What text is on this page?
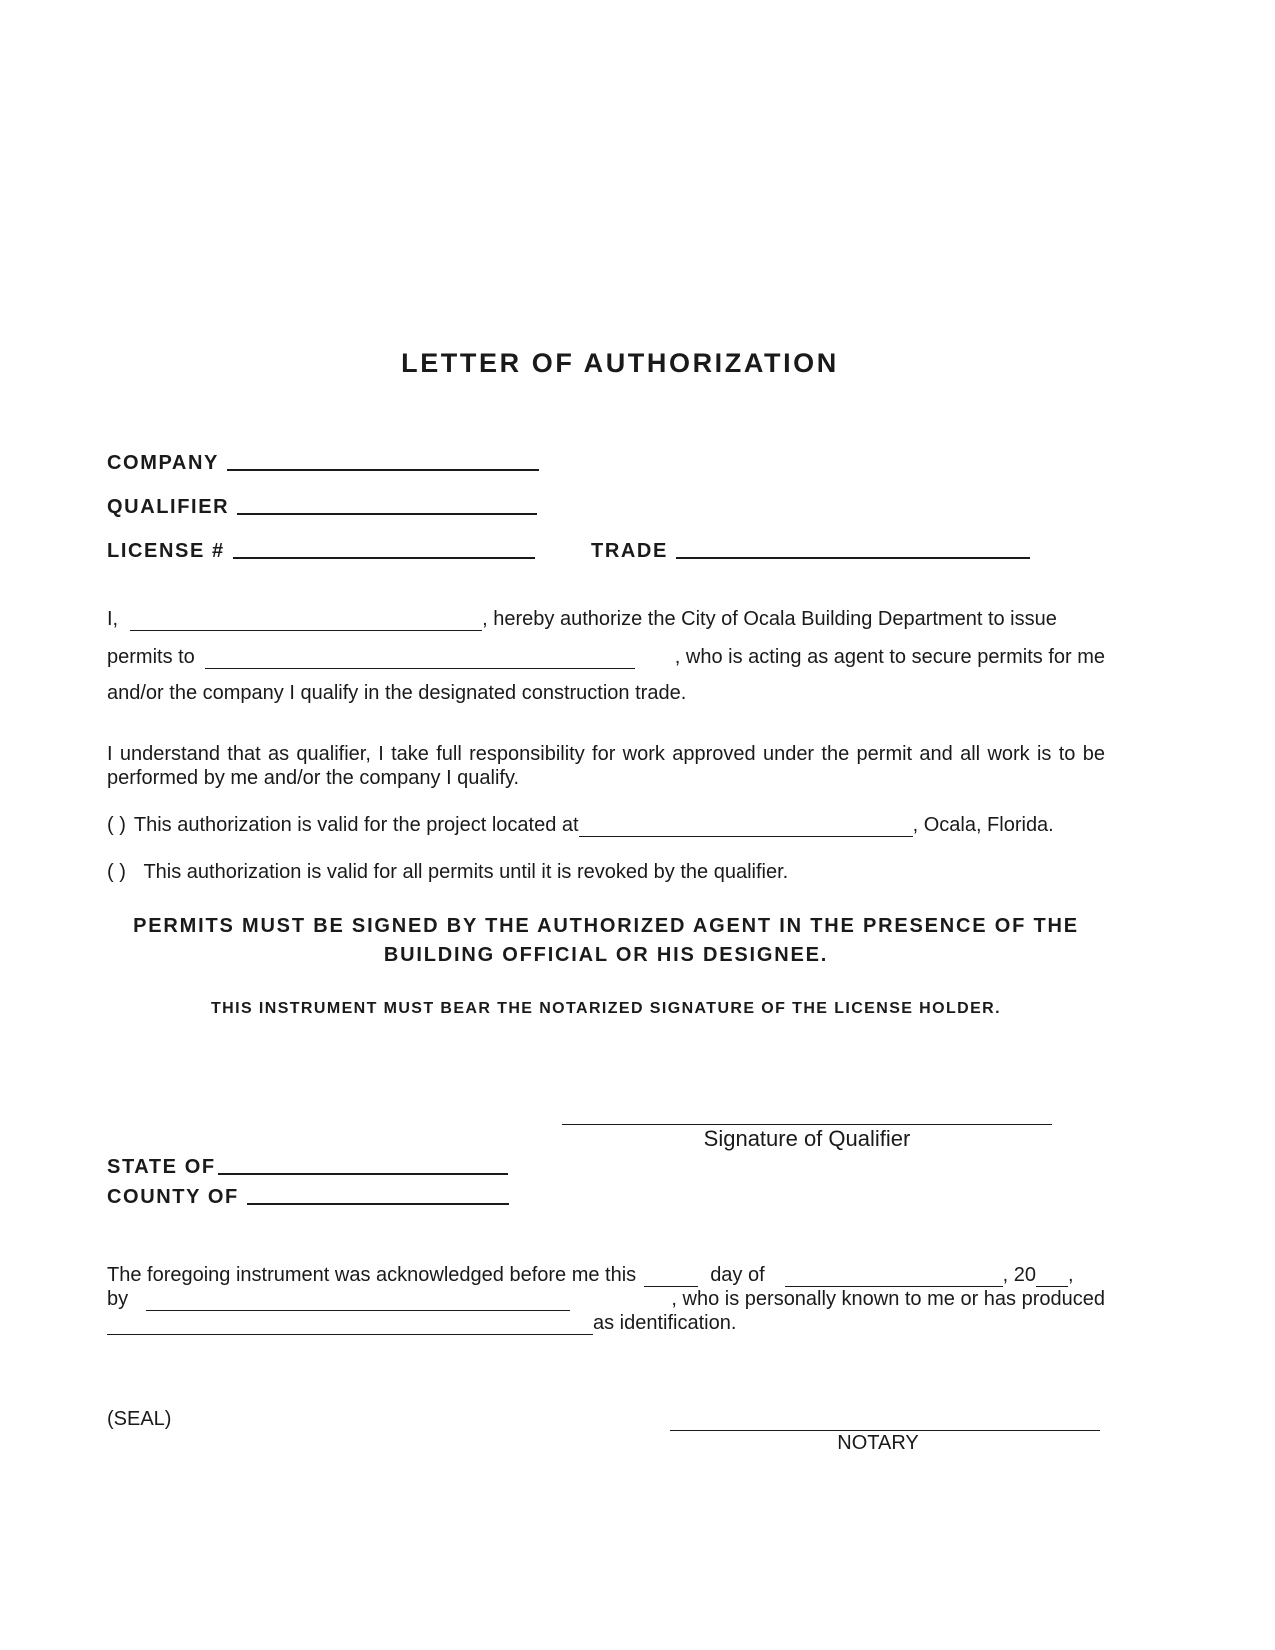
LETTER OF AUTHORIZATION
COMPANY
QUALIFIER
LICENSE #	TRADE
I,	, hereby authorize the City of Ocala Building Department to issue
permits to	, who is acting as agent to secure permits for me
and/or the company I qualify in the designated construction trade.
I understand that as qualifier, I take full responsibility for work approved under the permit and all work is to be performed by me and/or the company I qualify.
( ) This authorization is valid for the project located at	, Ocala, Florida.
( ) This authorization is valid for all permits until it is revoked by the qualifier.
PERMITS MUST BE SIGNED BY THE AUTHORIZED AGENT IN THE PRESENCE OF THE BUILDING OFFICIAL OR HIS DESIGNEE.
THIS INSTRUMENT MUST BEAR THE NOTARIZED SIGNATURE OF THE LICENSE HOLDER.
Signature of Qualifier
STATE OF
COUNTY OF
The foregoing instrument was acknowledged before me this	day of	, 20 ,
by	, who is personally known to me or has produced
as identification.
(SEAL)
NOTARY
